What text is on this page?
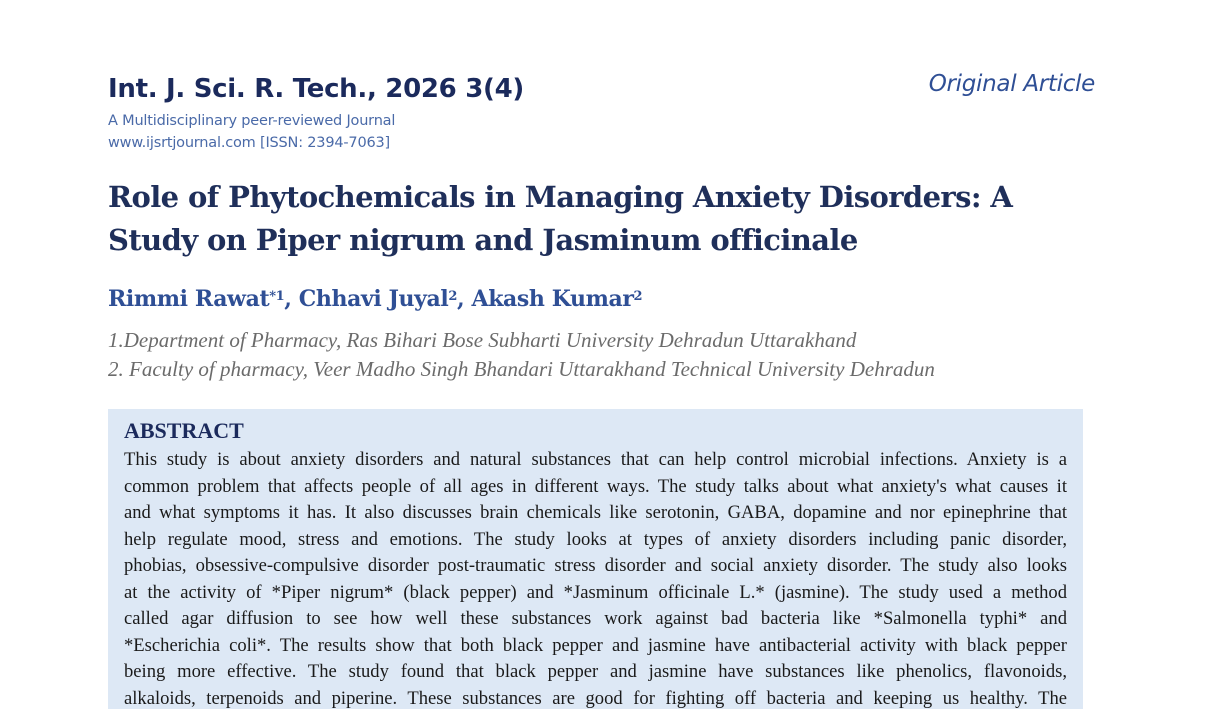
Int. J. Sci. R. Tech., 2026 3(4)
A Multidisciplinary peer-reviewed Journal
www.ijsrtjournal.com [ISSN: 2394-7063]
Original Article
Role of Phytochemicals in Managing Anxiety Disorders: A Study on Piper nigrum and Jasminum officinale
Rimmi Rawat$^{*1}$, Chhavi Juyal$^2$, Akash Kumar$^2$
1.Department of Pharmacy, Ras Bihari Bose Subharti University Dehradun Uttarakhand
2. Faculty of pharmacy, Veer Madho Singh Bhandari Uttarakhand Technical University Dehradun
ABSTRACT
This study is about anxiety disorders and natural substances that can help control microbial infections. Anxiety is a
common problem that affects people of all ages in different ways. The study talks about what anxiety's what causes it
and what symptoms it has. It also discusses brain chemicals like serotonin, GABA, dopamine and nor epinephrine that
help regulate mood, stress and emotions. The study looks at types of anxiety disorders including panic disorder,
phobias, obsessive-compulsive disorder post-traumatic stress disorder and social anxiety disorder. The study also looks
at the activity of *Piper nigrum* (black pepper) and *Jasminum officinale L.* (jasmine). The study used a method
called agar diffusion to see how well these substances work against bad bacteria like *Salmonella typhi* and
*Escherichia coli*. The results show that both black pepper and jasmine have antibacterial activity with black pepper
being more effective. The study found that black pepper and jasmine have substances like phenolics, flavonoids,
alkaloids, terpenoids and piperine. These substances are good for fighting off bacteria and keeping us healthy. The
